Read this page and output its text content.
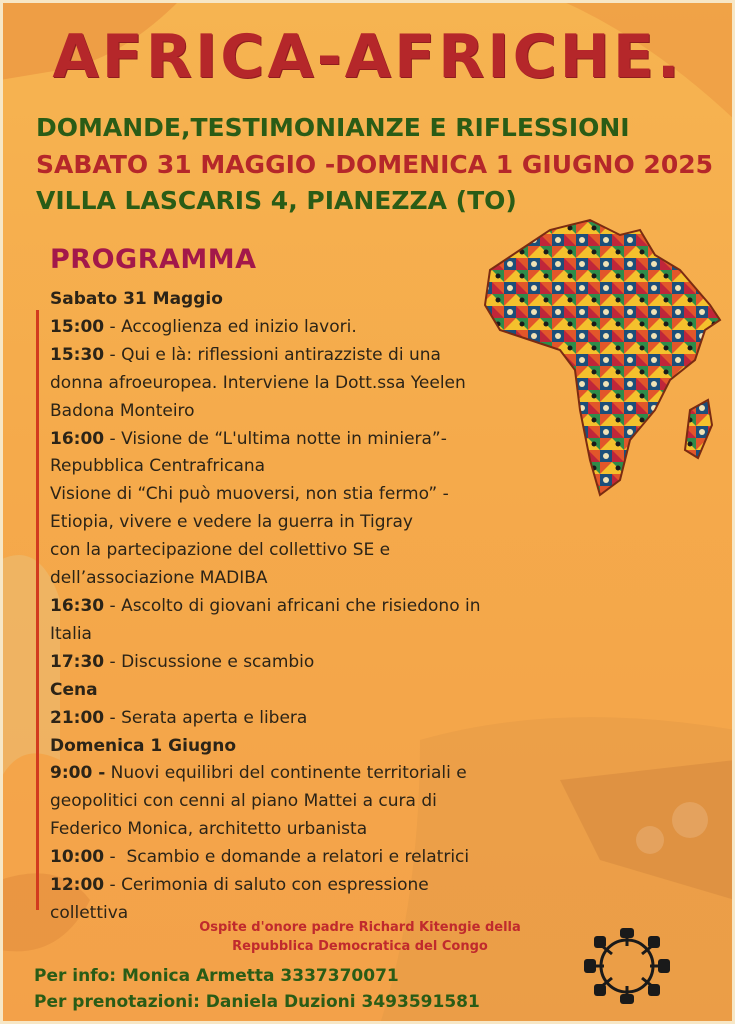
AFRICA-AFRICHE.
DOMANDE,TESTIMONIANZE E RIFLESSIONI
SABATO 31 MAGGIO -DOMENICA 1 GIUGNO 2025
VILLA LASCARIS 4, PIANEZZA (TO)
PROGRAMMA
Sabato 31 Maggio
15:00 - Accoglienza ed inizio lavori.
15:30 - Qui e là: riflessioni antirazziste di una
donna afroeuropea. Interviene la Dott.ssa Yeelen
Badona Monteiro
16:00 - Visione de “L'ultima notte in miniera”-
Repubblica Centrafricana
Visione di “Chi può muoversi, non stia fermo” -
Etiopia, vivere e vedere la guerra in Tigray
con la partecipazione del collettivo SE e
dell’associazione MADIBA
16:30 - Ascolto di giovani africani che risiedono in
Italia
17:30 - Discussione e scambio
Cena
21:00 - Serata aperta e libera
Domenica 1 Giugno
9:00 - Nuovi equilibri del continente territoriali e
geopolitici con cenni al piano Mattei a cura di
Federico Monica, architetto urbanista
10:00 -  Scambio e domande a relatori e relatrici
12:00 - Cerimonia di saluto con espressione
collettiva
Ospite d'onore padre Richard Kitengie della
Repubblica Democratica del Congo
Per info: Monica Armetta 3337370071
Per prenotazioni: Daniela Duzioni 3493591581
